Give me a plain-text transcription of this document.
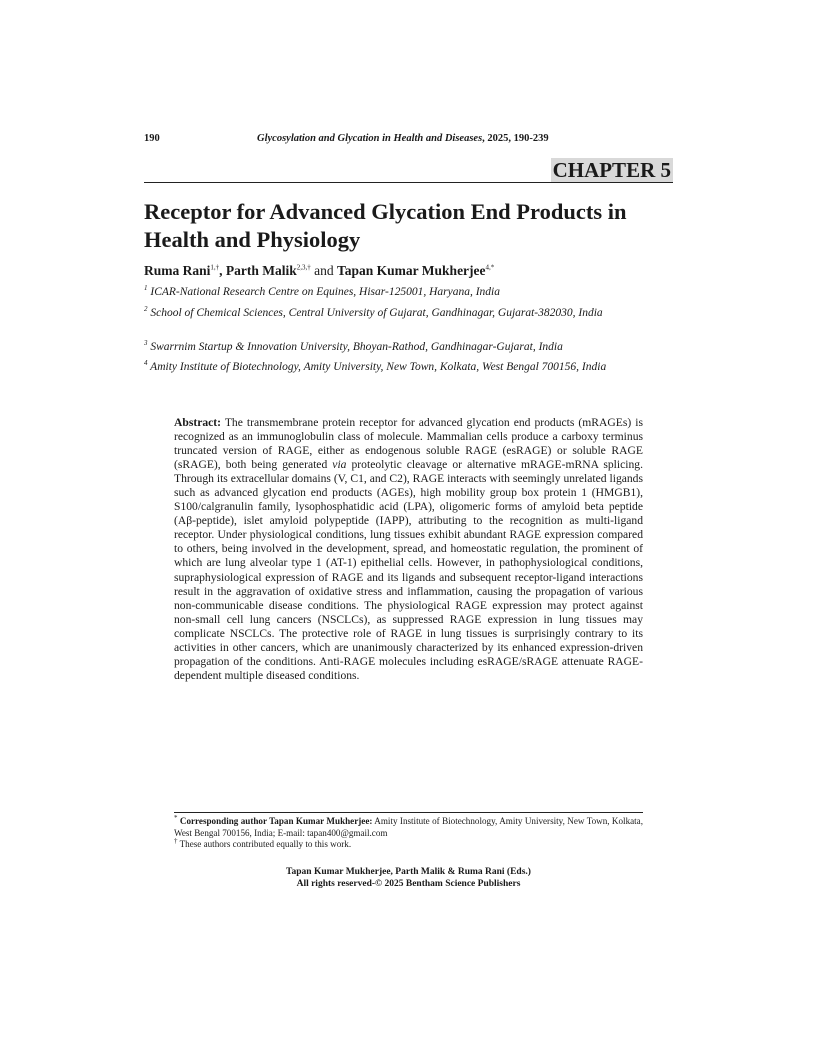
190	Glycosylation and Glycation in Health and Diseases, 2025, 190-239
CHAPTER 5
Receptor for Advanced Glycation End Products in Health and Physiology
Ruma Rani$^{1,\dagger}$, Parth Malik$^{2,3,\dagger}$ and Tapan Kumar Mukherjee$^{4,*}$
$^1$ ICAR-National Research Centre on Equines, Hisar-125001, Haryana, India
$^2$ School of Chemical Sciences, Central University of Gujarat, Gandhinagar, Gujarat-382030, India
$^3$ Swarrnim Startup & Innovation University, Bhoyan-Rathod, Gandhinagar-Gujarat, India
$^4$ Amity Institute of Biotechnology, Amity University, New Town, Kolkata, West Bengal 700156, India
Abstract: The transmembrane protein receptor for advanced glycation end products (mRAGEs) is recognized as an immunoglobulin class of molecule. Mammalian cells produce a carboxy terminus truncated version of RAGE, either as endogenous soluble RAGE (esRAGE) or soluble RAGE (sRAGE), both being generated via proteolytic cleavage or alternative mRAGE-mRNA splicing. Through its extracellular domains (V, C1, and C2), RAGE interacts with seemingly unrelated ligands such as advanced glycation end products (AGEs), high mobility group box protein 1 (HMGB1), S100/calgranulin family, lysophosphatidic acid (LPA), oligomeric forms of amyloid beta peptide (Aβ-peptide), islet amyloid polypeptide (IAPP), attributing to the recognition as multi-ligand receptor. Under physiological conditions, lung tissues exhibit abundant RAGE expression compared to others, being involved in the development, spread, and homeostatic regulation, the prominent of which are lung alveolar type 1 (AT-1) epithelial cells. However, in pathophysiological conditions, supraphysiological expression of RAGE and its ligands and subsequent receptor-ligand interactions result in the aggravation of oxidative stress and inflammation, causing the propagation of various non-communicable disease conditions. The physiological RAGE expression may protect against non-small cell lung cancers (NSCLCs), as suppressed RAGE expression in lung tissues may complicate NSCLCs. The protective role of RAGE in lung tissues is surprisingly contrary to its activities in other cancers, which are unanimously characterized by its enhanced expression-driven propagation of the conditions. Anti-RAGE molecules including esRAGE/sRAGE attenuate RAGE-dependent multiple diseased conditions.
* Corresponding author Tapan Kumar Mukherjee: Amity Institute of Biotechnology, Amity University, New Town, Kolkata, West Bengal 700156, India; E-mail: tapan400@gmail.com
† These authors contributed equally to this work.
Tapan Kumar Mukherjee, Parth Malik & Ruma Rani (Eds.)
All rights reserved-© 2025 Bentham Science Publishers
